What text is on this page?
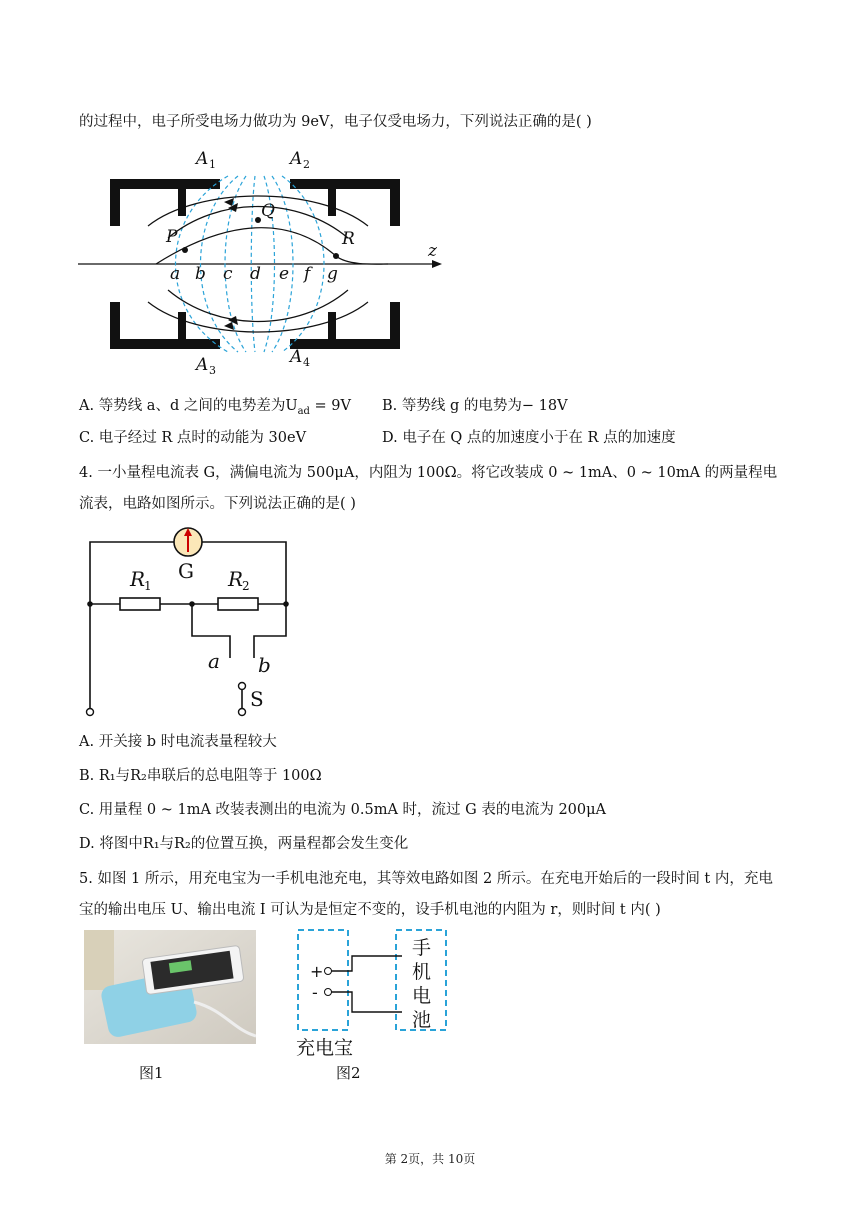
的过程中，电子所受电场力做功为 9eV，电子仅受电场力，下列说法正确的是( )
A 1	A 2
A 3
A 4
P
Q
R
z
a b c d e f g
A. 等势线 a、d 之间的电势差为$U_{ad} = 9V$ B. 等势线 g 的电势为− 18V
C. 电子经过 R 点时的动能为 30eV	D. 电子在 Q 点的加速度小于在 R 点的加速度
4. 一小量程电流表 G，满偏电流为 500μA，内阻为 100Ω。将它改装成 0 ~ 1mA、0 ~ 10mA 的两量程电流表，电路如图所示。下列说法正确的是( )
G
R
1	R
2
a b
S
A. 开关接 b 时电流表量程较大
B. R₁与R₂串联后的总电阻等于 100Ω
C. 用量程 0 ~ 1mA 改装表测出的电流为 0.5mA 时，流过 G 表的电流为 200μA
D. 将图中R₁与R₂的位置互换，两量程都会发生变化
5. 如图 1 所示，用充电宝为一手机电池充电，其等效电路如图 2 所示。在充电开始后的一段时间 t 内，充电宝的输出电压 U、输出电流 I 可认为是恒定不变的，设手机电池的内阻为 r，则时间 t 内( )
图1
+
-
手
机
电
池
充电宝
图2
第 2页，共 10页
